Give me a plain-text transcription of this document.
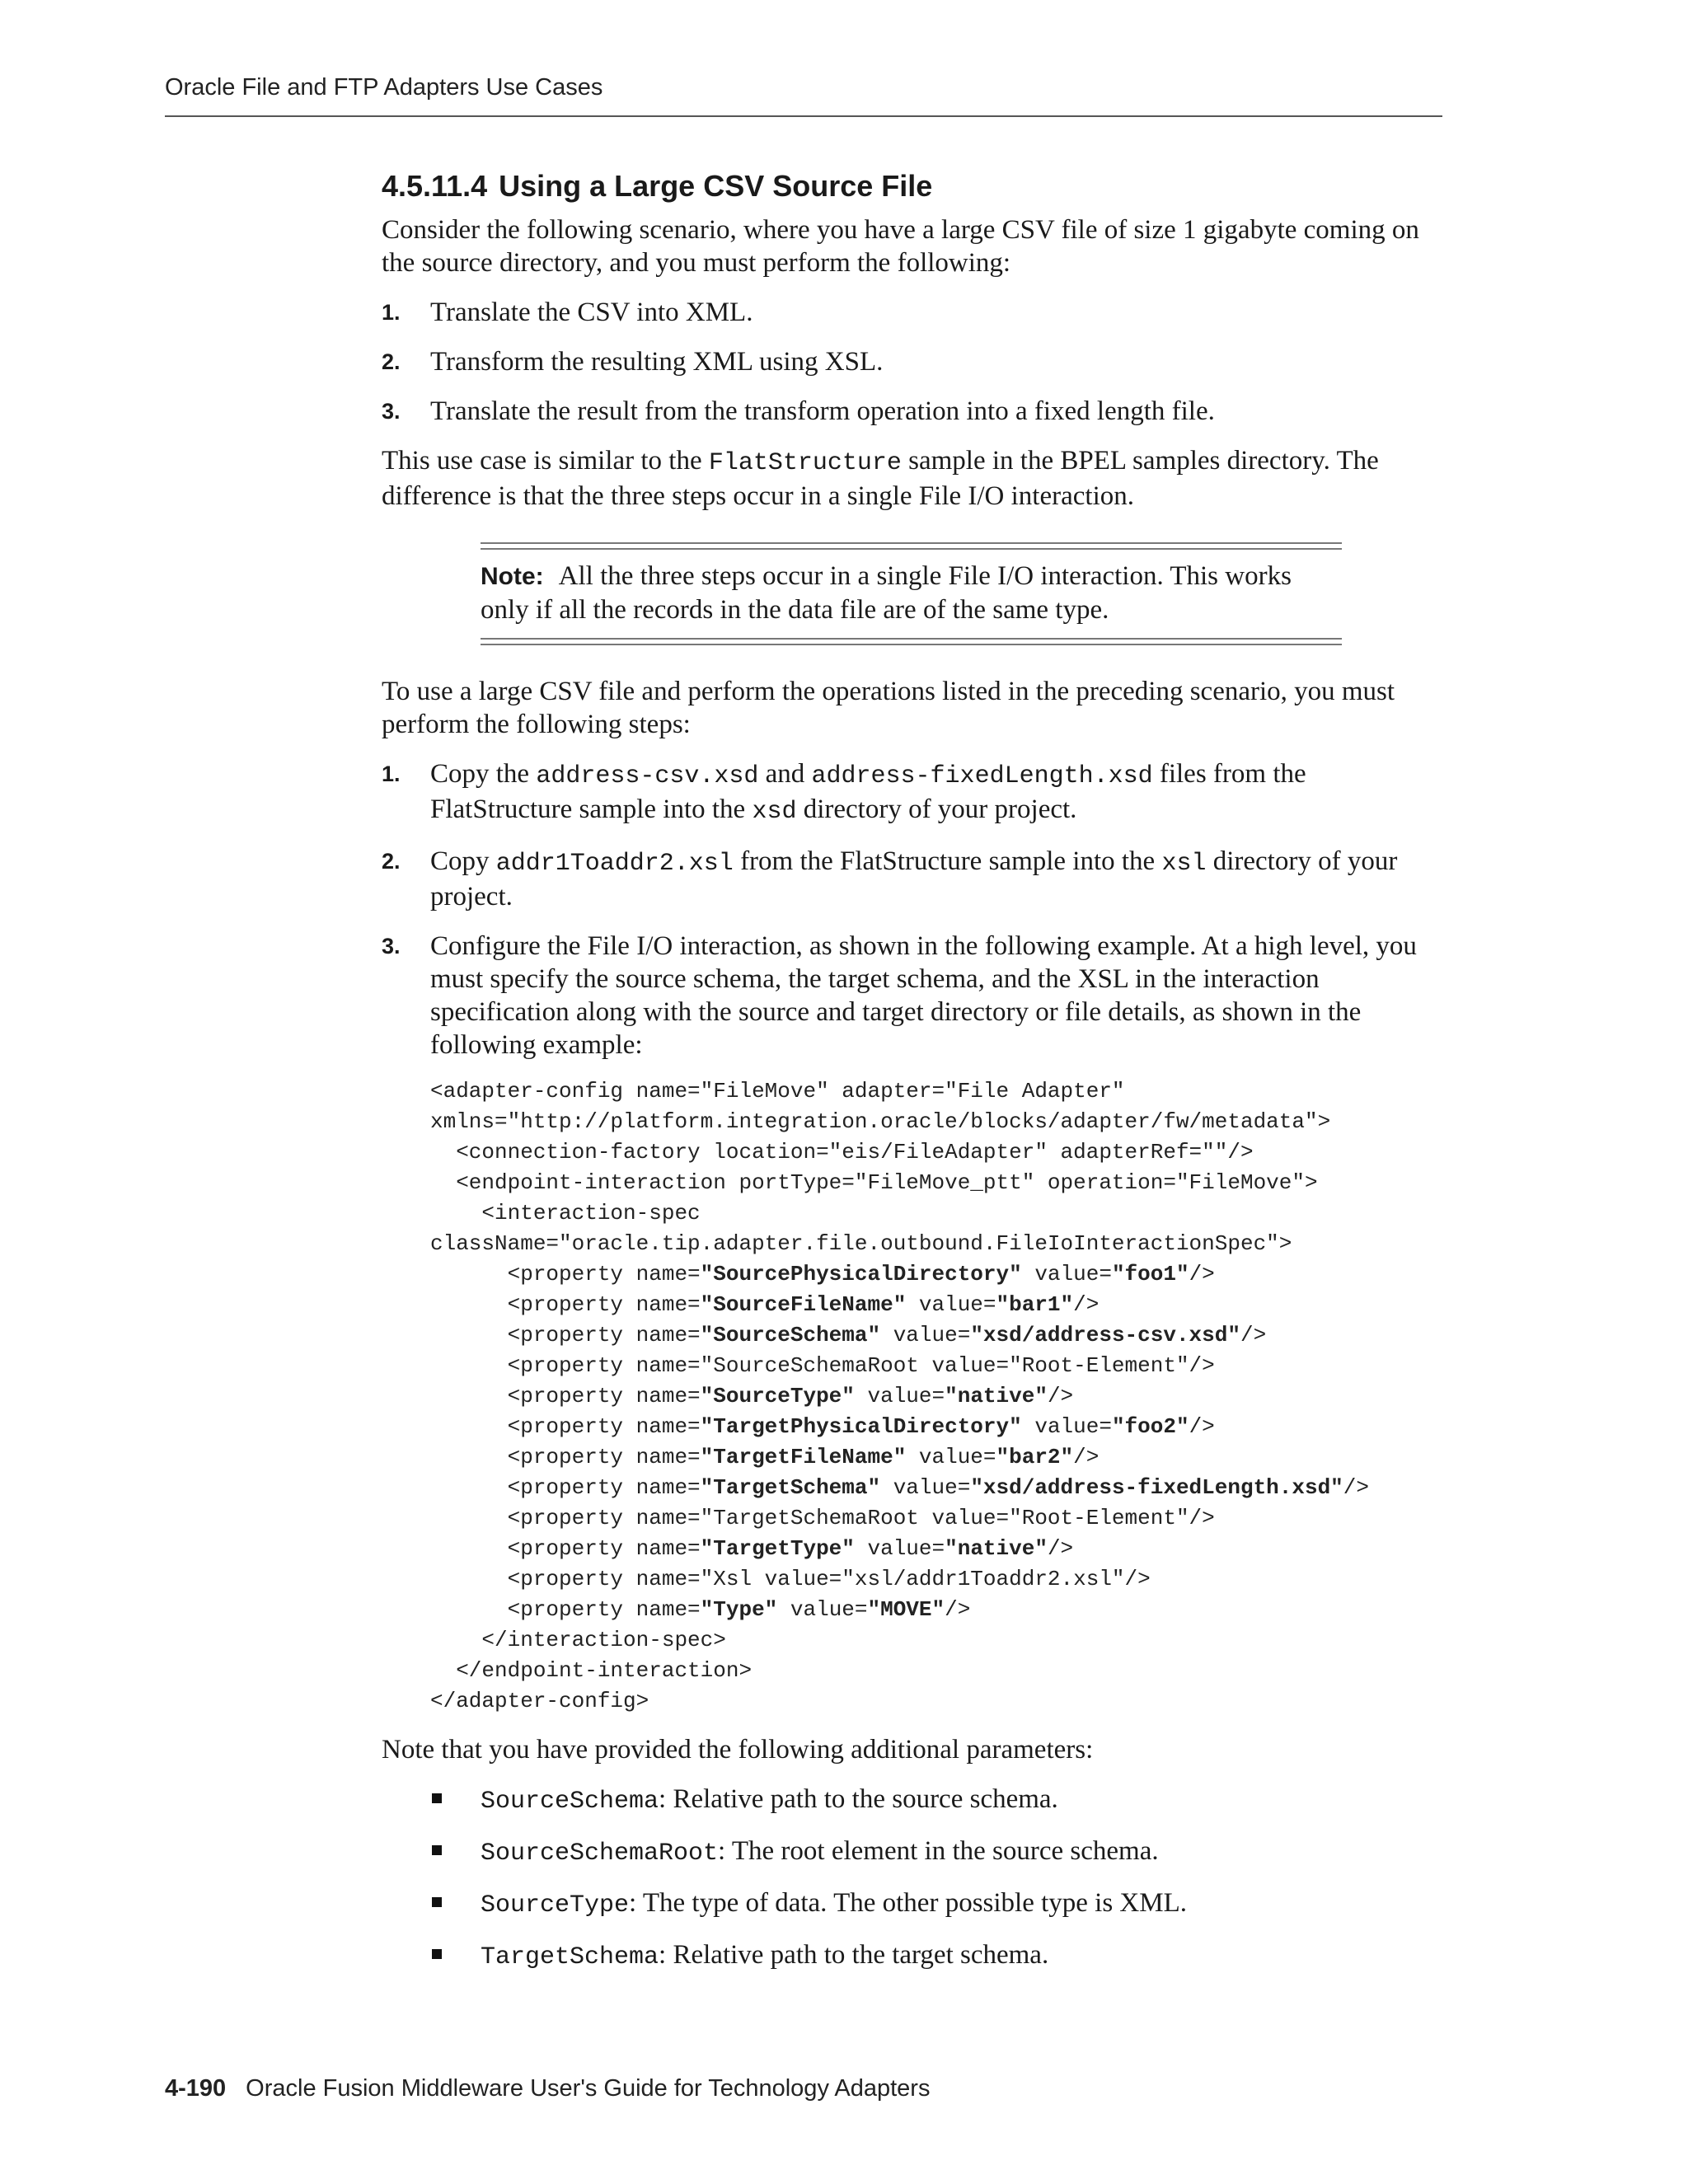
Oracle File and FTP Adapters Use Cases
4.5.11.4 Using a Large CSV Source File

Consider the following scenario, where you have a large CSV file of size 1 gigabyte coming on the source directory, and you must perform the following:

1. Translate the CSV into XML.
2. Transform the resulting XML using XSL.
3. Translate the result from the transform operation into a fixed length file.

This use case is similar to the FlatStructure sample in the BPEL samples directory. The difference is that the three steps occur in a single File I/O interaction.

Note: All the three steps occur in a single File I/O interaction. This works only if all the records in the data file are of the same type.

To use a large CSV file and perform the operations listed in the preceding scenario, you must perform the following steps:

1. Copy the address-csv.xsd and address-fixedLength.xsd files from the FlatStructure sample into the xsd directory of your project.
2. Copy addr1Toaddr2.xsl from the FlatStructure sample into the xsl directory of your project.
3. Configure the File I/O interaction, as shown in the following example. At a high level, you must specify the source schema, the target schema, and the XSL in the interaction specification along with the source and target directory or file details, as shown in the following example:
<adapter-config name="FileMove" adapter="File Adapter"
xmlns="http://platform.integration.oracle/blocks/adapter/fw/metadata">
<connection-factory location="eis/FileAdapter" adapterRef=""/>
<endpoint-interaction portType="FileMove_ptt" operation="FileMove">
<interaction-spec
className="oracle.tip.adapter.file.outbound.FileIoInteractionSpec">
<property name="SourcePhysicalDirectory" value="foo1"/>
<property name="SourceFileName" value="bar1"/>
<property name="SourceSchema" value="xsd/address-csv.xsd"/>
<property name="SourceSchemaRoot value="Root-Element"/>
<property name="SourceType" value="native"/>
<property name="TargetPhysicalDirectory" value="foo2"/>
<property name="TargetFileName" value="bar2"/>
<property name="TargetSchema" value="xsd/address-fixedLength.xsd"/>
<property name="TargetSchemaRoot value="Root-Element"/>
<property name="TargetType" value="native"/>
<property name="Xsl value="xsl/addr1Toaddr2.xsl"/>
<property name="Type" value="MOVE"/>
</interaction-spec>
</endpoint-interaction>
</adapter-config>

Note that you have provided the following additional parameters:

SourceSchema: Relative path to the source schema.
SourceSchemaRoot: The root element in the source schema.
SourceType: The type of data. The other possible type is XML.
TargetSchema: Relative path to the target schema.
4-190 Oracle Fusion Middleware User's Guide for Technology Adapters
